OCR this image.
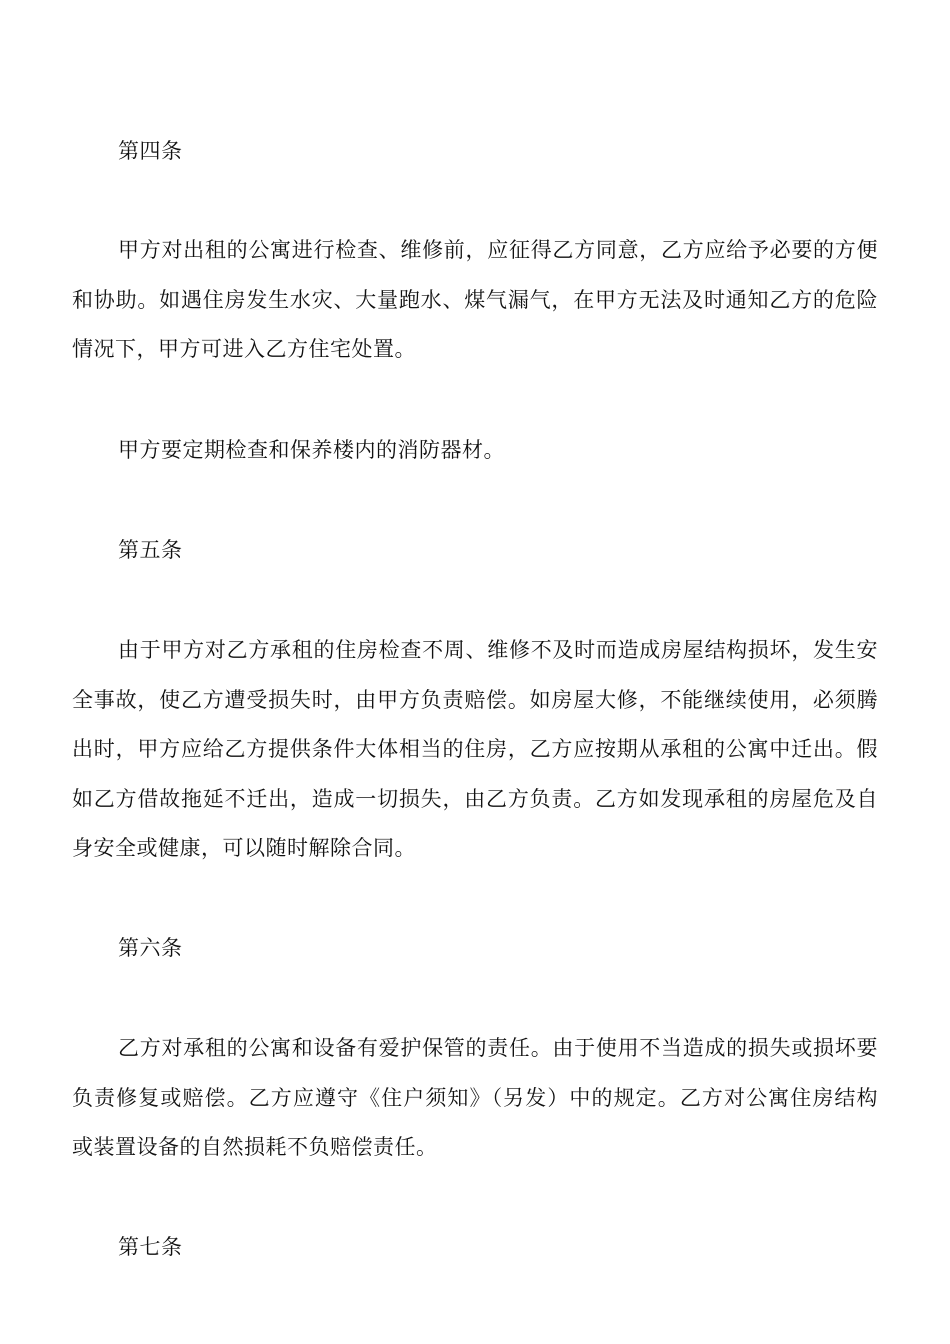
第四条

甲方对出租的公寓进行检查、维修前，应征得乙方同意，乙方应给予必要的方便和协助。如遇住房发生水灾、大量跑水、煤气漏气，在甲方无法及时通知乙方的危险情况下，甲方可进入乙方住宅处置。

甲方要定期检查和保养楼内的消防器材。

第五条

由于甲方对乙方承租的住房检查不周、维修不及时而造成房屋结构损坏，发生安全事故，使乙方遭受损失时，由甲方负责赔偿。如房屋大修，不能继续使用，必须腾出时，甲方应给乙方提供条件大体相当的住房，乙方应按期从承租的公寓中迁出。假如乙方借故拖延不迁出，造成一切损失，由乙方负责。乙方如发现承租的房屋危及自身安全或健康，可以随时解除合同。

第六条

乙方对承租的公寓和设备有爱护保管的责任。由于使用不当造成的损失或损坏要负责修复或赔偿。乙方应遵守《住户须知》（另发）中的规定。乙方对公寓住房结构或装置设备的自然损耗不负赔偿责任。

第七条
